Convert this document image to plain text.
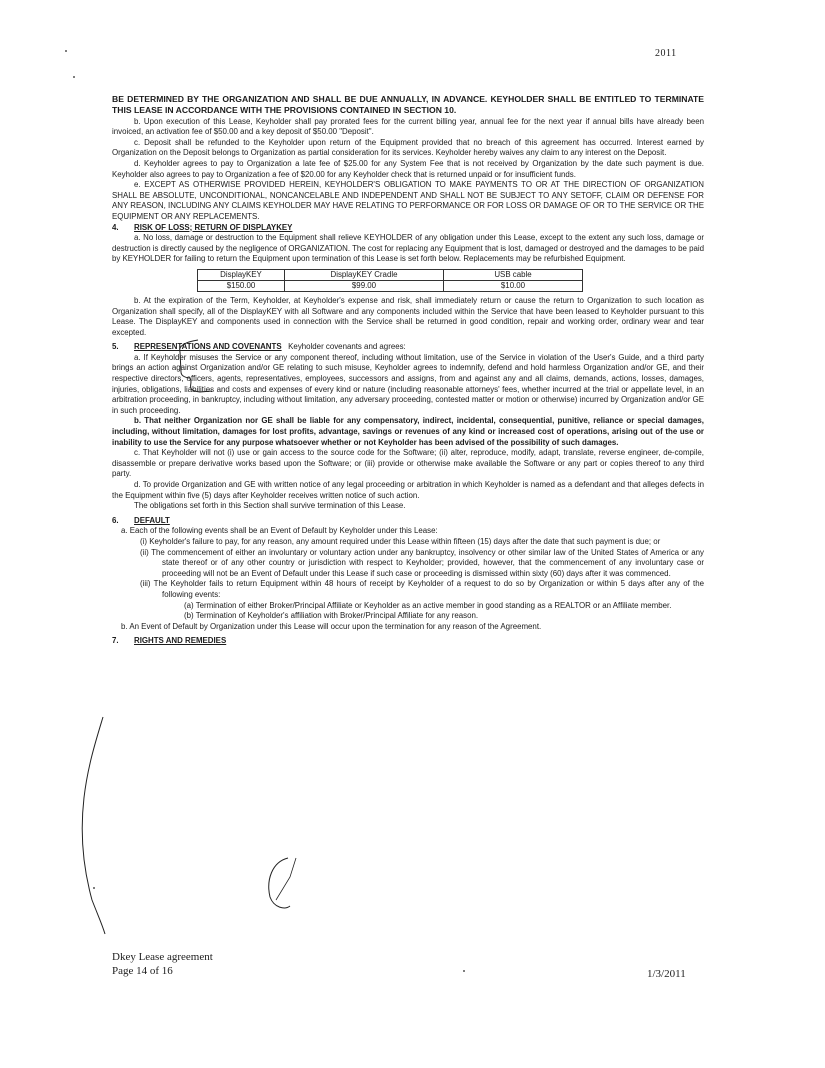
2011

BE DETERMINED BY THE ORGANIZATION AND SHALL BE DUE ANNUALLY, IN ADVANCE. KEYHOLDER SHALL BE ENTITLED TO TERMINATE THIS LEASE IN ACCORDANCE WITH THE PROVISIONS CONTAINED IN SECTION 10.

b. Upon execution of this Lease, Keyholder shall pay prorated fees for the current billing year, annual fee for the next year if annual bills have already been invoiced, an activation fee of $50.00 and a key deposit of $50.00 "Deposit".

c. Deposit shall be refunded to the Keyholder upon return of the Equipment provided that no breach of this agreement has occurred. Interest earned by Organization on the Deposit belongs to Organization as partial consideration for its services. Keyholder hereby waives any claim to any interest on the Deposit.

d. Keyholder agrees to pay to Organization a late fee of $25.00 for any System Fee that is not received by Organization by the date such payment is due. Keyholder also agrees to pay to Organization a fee of $20.00 for any Keyholder check that is returned unpaid or for insufficient funds.

e. EXCEPT AS OTHERWISE PROVIDED HEREIN, KEYHOLDER'S OBLIGATION TO MAKE PAYMENTS TO OR AT THE DIRECTION OF ORGANIZATION SHALL BE ABSOLUTE, UNCONDITIONAL, NONCANCELABLE AND INDEPENDENT AND SHALL NOT BE SUBJECT TO ANY SETOFF, CLAIM OR DEFENSE FOR ANY REASON, INCLUDING ANY CLAIMS KEYHOLDER MAY HAVE RELATING TO PERFORMANCE OR FOR LOSS OR DAMAGE OF OR TO THE SERVICE OR THE EQUIPMENT OR ANY REPLACEMENTS.

4. RISK OF LOSS; RETURN OF DISPLAYKEY

a. No loss, damage or destruction to the Equipment shall relieve KEYHOLDER of any obligation under this Lease, except to the extent any such loss, damage or destruction is directly caused by the negligence of ORGANIZATION. The cost for replacing any Equipment that is lost, damaged or destroyed and the damages to be paid by KEYHOLDER for failing to return the Equipment upon termination of this Lease is set forth below. Replacements may be refurbished Equipment.

DisplayKEY	DisplayKEY Cradle	USB cable
$150.00	$99.00	$10.00

b. At the expiration of the Term, Keyholder, at Keyholder's expense and risk, shall immediately return or cause the return to Organization to such location as Organization shall specify, all of the DisplayKEY with all Software and any components included within the Service that have been leased to Keyholder pursuant to this Lease. The DisplayKEY and components used in connection with the Service shall be returned in good condition, repair and working order, ordinary wear and tear excepted.

5. REPRESENTATIONS AND COVENANTS Keyholder covenants and agrees:

a. If Keyholder misuses the Service or any component thereof, including without limitation, use of the Service in violation of the User's Guide, and a third party brings an action against Organization and/or GE relating to such misuse, Keyholder agrees to indemnify, defend and hold harmless Organization and/or GE, and their respective directors, officers, agents, representatives, employees, successors and assigns, from and against any and all claims, demands, actions, losses, damages, injuries, obligations, liabilities and costs and expenses of every kind or nature (including reasonable attorneys' fees, whether incurred at the trial or appellate level, in an arbitration proceeding, in bankruptcy, including without limitation, any adversary proceeding, contested matter or motion or otherwise) incurred by Organization and/or GE in such proceeding.

b. That neither Organization nor GE shall be liable for any compensatory, indirect, incidental, consequential, punitive, reliance or special damages, including, without limitation, damages for lost profits, advantage, savings or revenues of any kind or increased cost of operations, arising out of the use or inability to use the Service for any purpose whatsoever whether or not Keyholder has been advised of the possibility of such damages.

c. That Keyholder will not (i) use or gain access to the source code for the Software; (ii) alter, reproduce, modify, adapt, translate, reverse engineer, de-compile, disassemble or prepare derivative works based upon the Software; or (iii) provide or otherwise make available the Software or any part or copies thereof to any third party.

d. To provide Organization and GE with written notice of any legal proceeding or arbitration in which Keyholder is named as a defendant and that alleges defects in the Equipment within five (5) days after Keyholder receives written notice of such action.

The obligations set forth in this Section shall survive termination of this Lease.

6. DEFAULT

a. Each of the following events shall be an Event of Default by Keyholder under this Lease:

(i) Keyholder's failure to pay, for any reason, any amount required under this Lease within fifteen (15) days after the date that such payment is due; or

(ii) The commencement of either an involuntary or voluntary action under any bankruptcy, insolvency or other similar law of the United States of America or any state thereof or of any other country or jurisdiction with respect to Keyholder; provided, however, that the commencement of any involuntary case or proceeding will not be an Event of Default under this Lease if such case or proceeding is dismissed within sixty (60) days after it was commenced.

(iii) The Keyholder fails to return Equipment within 48 hours of receipt by Keyholder of a request to do so by Organization or within 5 days after any of the following events:

(a) Termination of either Broker/Principal Affiliate or Keyholder as an active member in good standing as a REALTOR or an Affiliate member.

(b) Termination of Keyholder's affiliation with Broker/Principal Affiliate for any reason.

b. An Event of Default by Organization under this Lease will occur upon the termination for any reason of the Agreement.

7. RIGHTS AND REMEDIES

Dkey Lease agreement
Page 14 of 16	1/3/2011
